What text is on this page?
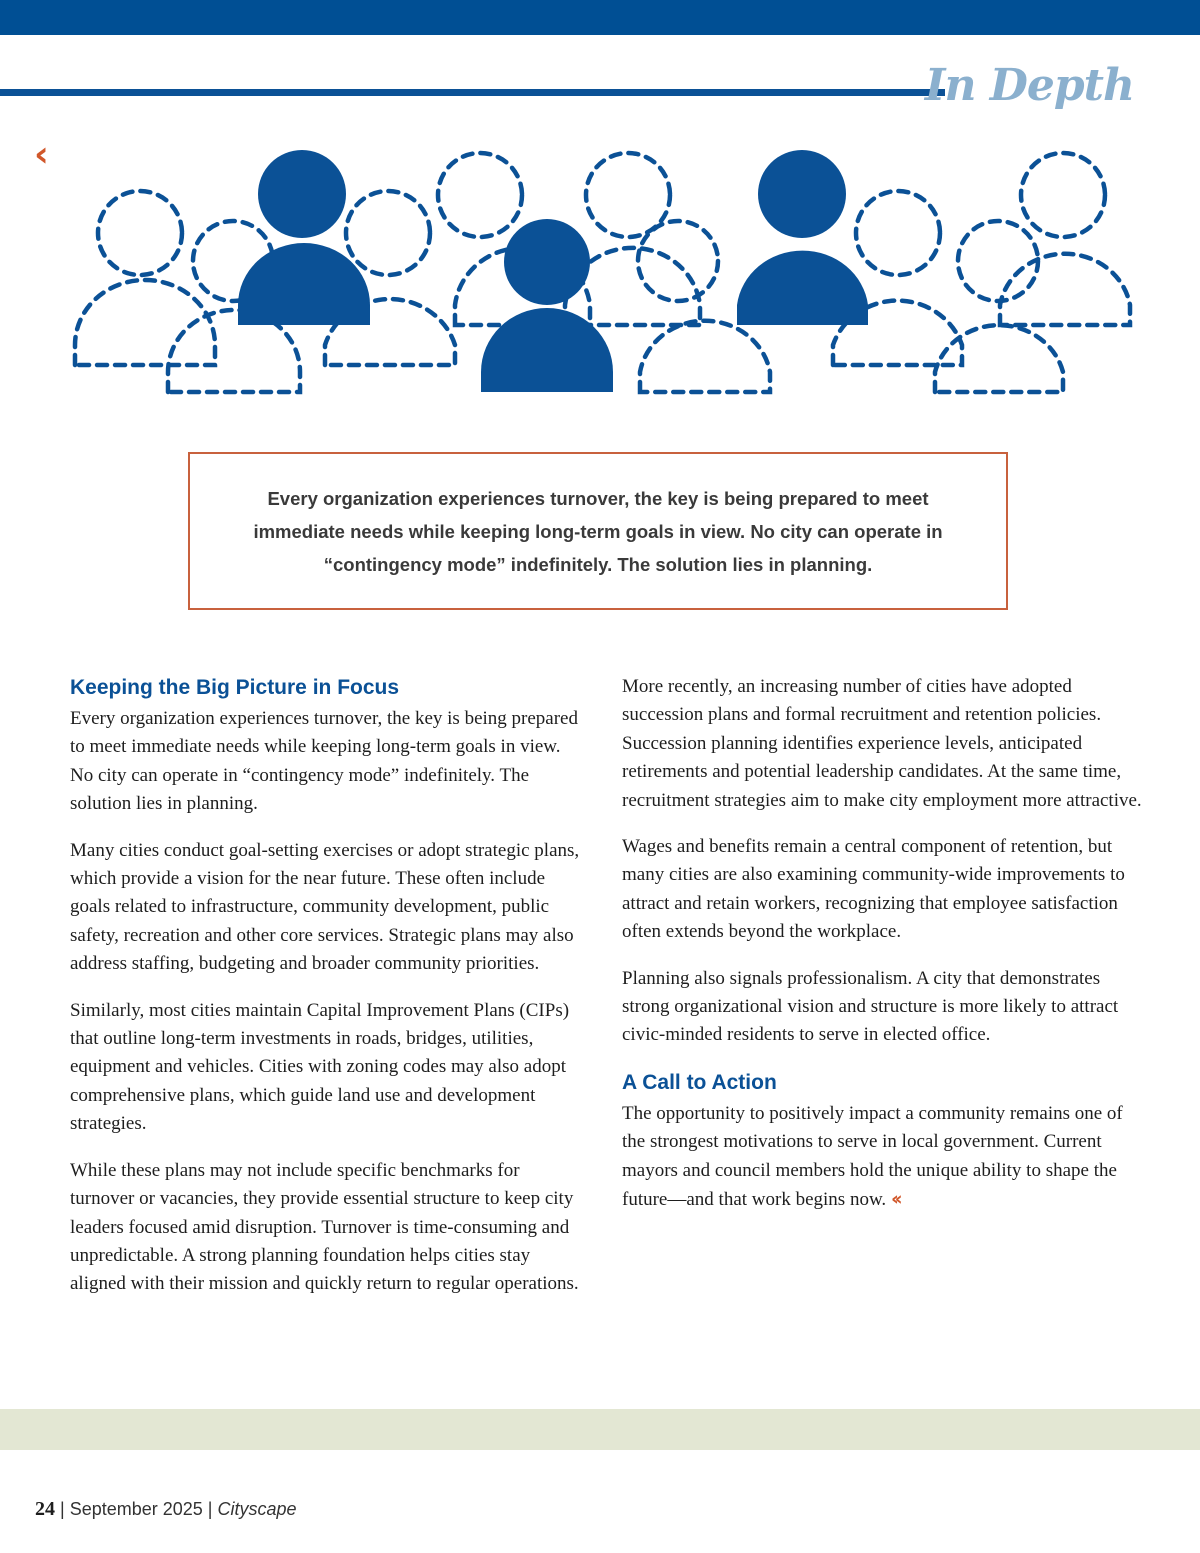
In Depth
‹

Every organization experiences turnover, the key is being prepared to meet immediate needs while keeping long-term goals in view. No city can operate in “contingency mode” indefinitely. The solution lies in planning.

Keeping the Big Picture in Focus

Every organization experiences turnover, the key is being prepared to meet immediate needs while keeping long-term goals in view. No city can operate in “contingency mode” indefinitely. The solution lies in planning.

Many cities conduct goal-setting exercises or adopt strategic plans, which provide a vision for the near future. These often include goals related to infrastructure, community development, public safety, recreation and other core services. Strategic plans may also address staffing, budgeting and broader community priorities.

Similarly, most cities maintain Capital Improvement Plans (CIPs) that outline long-term investments in roads, bridges, utilities, equipment and vehicles. Cities with zoning codes may also adopt comprehensive plans, which guide land use and development strategies.

While these plans may not include specific benchmarks for turnover or vacancies, they provide essential structure to keep city leaders focused amid disruption. Turnover is time-consuming and unpredictable. A strong planning foundation helps cities stay aligned with their mission and quickly return to regular operations.

More recently, an increasing number of cities have adopted succession plans and formal recruitment and retention policies. Succession planning identifies experience levels, anticipated retirements and potential leadership candidates. At the same time, recruitment strategies aim to make city employment more attractive.

Wages and benefits remain a central component of retention, but many cities are also examining community-wide improvements to attract and retain workers, recognizing that employee satisfaction often extends beyond the workplace.

Planning also signals professionalism. A city that demonstrates strong organizational vision and structure is more likely to attract civic-minded residents to serve in elected office.

A Call to Action

The opportunity to positively impact a community remains one of the strongest motivations to serve in local government. Current mayors and council members hold the unique ability to shape the future—and that work begins now. ‹‹

24 | September 2025 | Cityscape
